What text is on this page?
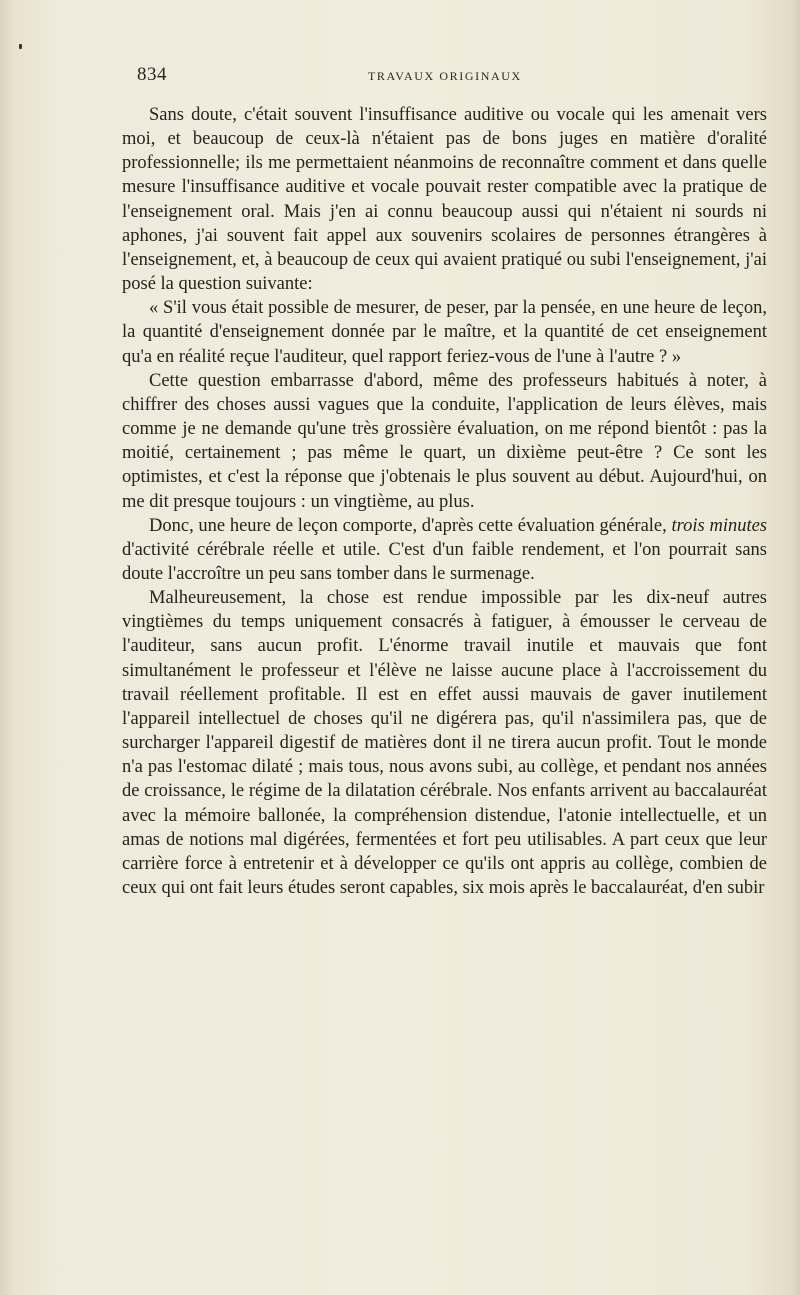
834	TRAVAUX ORIGINAUX

Sans doute, c'était souvent l'insuffisance auditive ou vocale qui les amenait vers moi, et beaucoup de ceux-là n'étaient pas de bons juges en matière d'oralité professionnelle; ils me permettaient néanmoins de reconnaître comment et dans quelle mesure l'insuffisance auditive et vocale pouvait rester compatible avec la pratique de l'enseignement oral. Mais j'en ai connu beaucoup aussi qui n'étaient ni sourds ni aphones, j'ai souvent fait appel aux souvenirs scolaires de personnes étrangères à l'enseignement, et, à beaucoup de ceux qui avaient pratiqué ou subi l'enseignement, j'ai posé la question suivante:

« S'il vous était possible de mesurer, de peser, par la pensée, en une heure de leçon, la quantité d'enseignement donnée par le maître, et la quantité de cet enseignement qu'a en réalité reçue l'auditeur, quel rapport feriez-vous de l'une à l'autre ? »

Cette question embarrasse d'abord, même des professeurs habitués à noter, à chiffrer des choses aussi vagues que la conduite, l'application de leurs élèves, mais comme je ne demande qu'une très grossière évaluation, on me répond bientôt : pas la moitié, certainement ; pas même le quart, un dixième peut-être ? Ce sont les optimistes, et c'est la réponse que j'obtenais le plus souvent au début. Aujourd'hui, on me dit presque toujours : un vingtième, au plus.

Donc, une heure de leçon comporte, d'après cette évaluation générale, trois minutes d'activité cérébrale réelle et utile. C'est d'un faible rendement, et l'on pourrait sans doute l'accroître un peu sans tomber dans le surmenage.

Malheureusement, la chose est rendue impossible par les dix-neuf autres vingtièmes du temps uniquement consacrés à fatiguer, à émousser le cerveau de l'auditeur, sans aucun profit. L'énorme travail inutile et mauvais que font simultanément le professeur et l'élève ne laisse aucune place à l'accroissement du travail réellement profitable. Il est en effet aussi mauvais de gaver inutilement l'appareil intellectuel de choses qu'il ne digérera pas, qu'il n'assimilera pas, que de surcharger l'appareil digestif de matières dont il ne tirera aucun profit. Tout le monde n'a pas l'estomac dilaté ; mais tous, nous avons subi, au collège, et pendant nos années de croissance, le régime de la dilatation cérébrale. Nos enfants arrivent au baccalauréat avec la mémoire ballonée, la compréhension distendue, l'atonie intellectuelle, et un amas de notions mal digérées, fermentées et fort peu utilisables. A part ceux que leur carrière force à entretenir et à développer ce qu'ils ont appris au collège, combien de ceux qui ont fait leurs études seront capables, six mois après le baccalauréat, d'en subir
